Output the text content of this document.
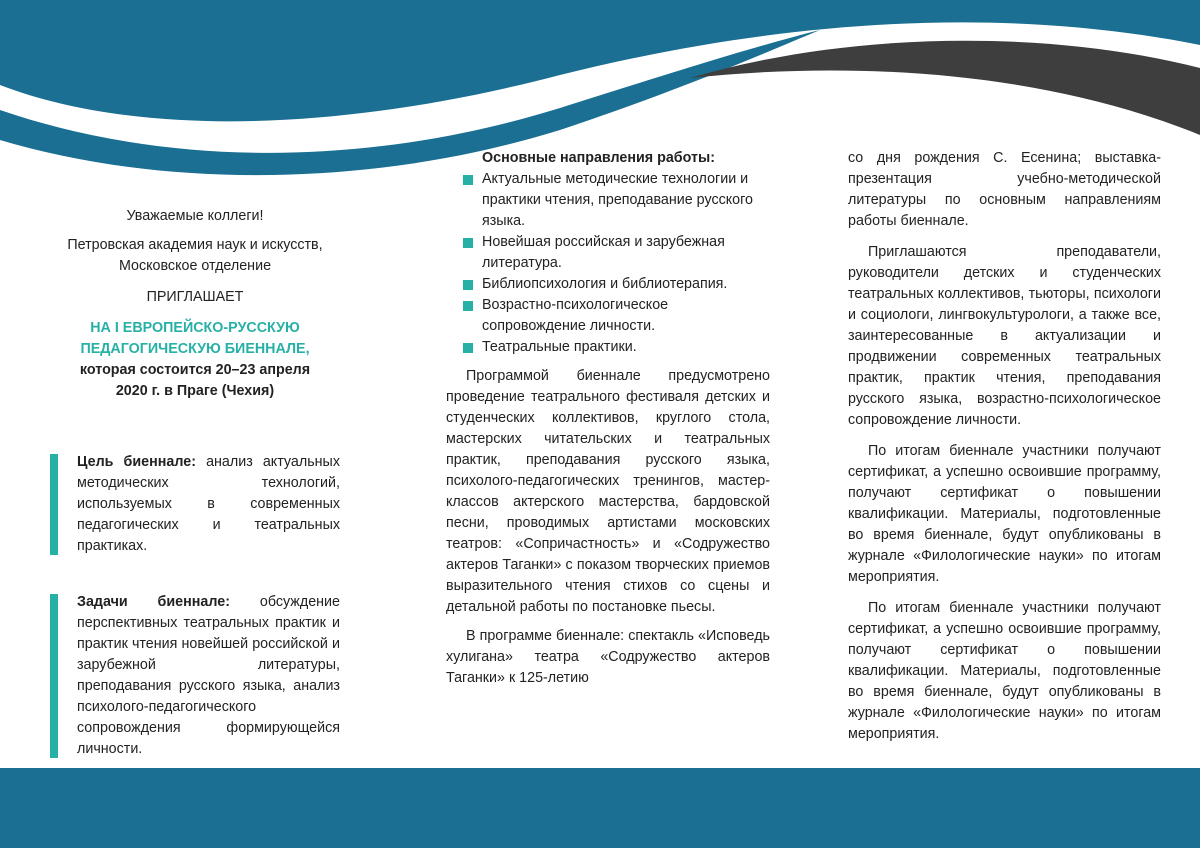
Уважаемые коллеги!
Петровская академия наук и искусств,
Московское отделение
ПРИГЛАШАЕТ
НА I ЕВРОПЕЙСКО-РУССКУЮ
ПЕДАГОГИЧЕСКУЮ БИЕННАЛЕ,
которая состоится 20–23 апреля
2020 г. в Праге (Чехия)
Цель биеннале: анализ актуальных методических технологий, используемых в современных педагогических и театральных практиках.
Задачи биеннале: обсуждение перспективных театральных практик и практик чтения новейшей российской и зарубежной литературы, преподавания русского языка, анализ психолого-педагогического сопровождения формирующейся личности.
Основные направления работы:
Актуальные методические технологии и практики чтения, преподавание русского языка.
Новейшая российская и зарубежная литература.
Библиопсихология и библиотерапия.
Возрастно-психологическое сопровождение личности.
Театральные практики.

Программой биеннале предусмотрено проведение театрального фестиваля детских и студенческих коллективов, круглого стола, мастерских читательских и театральных практик, преподавания русского языка, психолого-педагогических тренингов, мастер-классов актерского мастерства, бардовской песни, проводимых артистами московских театров: «Сопричастность» и «Содружество актеров Таганки» с показом творческих приемов выразительного чтения стихов со сцены и детальной работы по постановке пьесы.

В программе биеннале: спектакль «Исповедь хулигана» театра «Содружество актеров Таганки» к 125-летию

со дня рождения С. Есенина; выставка-презентация учебно-методической литературы по основным направлениям работы биеннале.

Приглашаются преподаватели, руководители детских и студенческих театральных коллективов, тьюторы, психологи и социологи, лингвокультурологи, а также все, заинтересованные в актуализации и продвижении современных театральных практик, практик чтения, преподавания русского языка, возрастно-психологическое сопровождение личности.

По итогам биеннале участники получают сертификат, а успешно освоившие программу, получают сертификат о повышении квалификации. Материалы, подготовленные во время биеннале, будут опубликованы в журнале «Филологические науки» по итогам мероприятия.

По итогам биеннале участники получают сертификат, а успешно освоившие программу, получают сертификат о повышении квалификации. Материалы, подготовленные во время биеннале, будут опубликованы в журнале «Филологические науки» по итогам мероприятия.
